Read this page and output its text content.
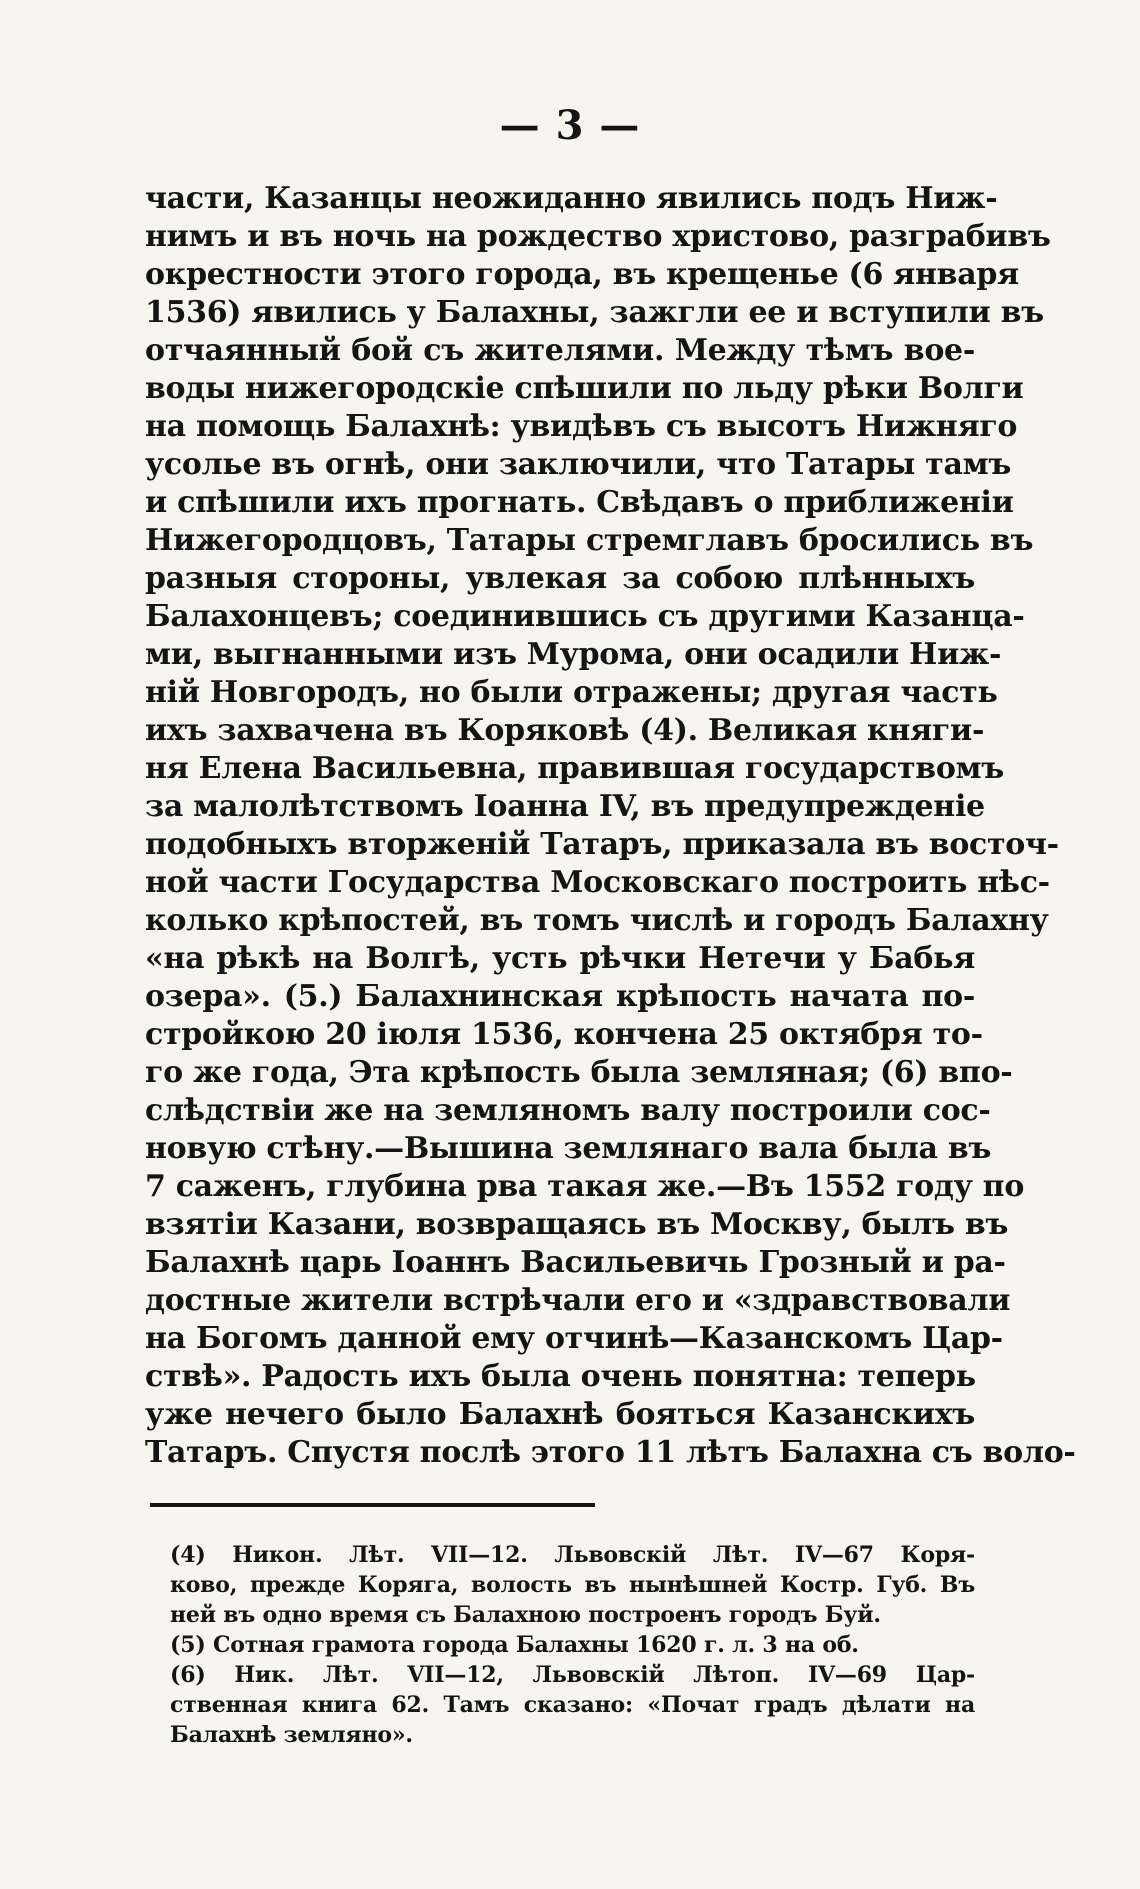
— 3 —
части, Казанцы неожиданно явились подъ Ниж-
нимъ и въ ночь на рождество христово, разграбивъ
окрестности этого города, въ крещенье (6 января
1536) явились у Балахны, зажгли ее и вступили въ
отчаянный бой съ жителями. Между тѣмъ вое-
воды нижегородскіе спѣшили по льду рѣки Волги
на помощь Балахнѣ: увидѣвъ съ высотъ Нижняго
усолье въ огнѣ, они заключили, что Татары тамъ
и спѣшили ихъ прогнать. Свѣдавъ о приближеніи
Нижегородцовъ, Татары стремглавъ бросились въ
разныя стороны, увлекая за собою плѣнныхъ
Балахонцевъ; соединившись съ другими Казанца-
ми, выгнанными изъ Мурома, они осадили Ниж-
ній Новгородъ, но были отражены; другая часть
ихъ захвачена въ Коряковѣ (4). Великая княги-
ня Елена Васильевна, правившая государствомъ
за малолѣтствомъ Іоанна IV, въ предупрежденіе
подобныхъ вторженій Татаръ, приказала въ восточ-
ной части Государства Московскаго построить нѣс-
колько крѣпостей, въ томъ числѣ и городъ Балахну
«на рѣкѣ на Волгѣ, усть рѣчки Нетечи у Бабья
озера». (5.) Балахнинская крѣпость начата по-
стройкою 20 іюля 1536, кончена 25 октября то-
го же года, Эта крѣпость была земляная; (6) впо-
слѣдствіи же на земляномъ валу построили сос-
новую стѣну.—Вышина землянаго вала была въ
7 саженъ, глубина рва такая же.—Въ 1552 году по
взятіи Казани, возвращаясь въ Москву, былъ въ
Балахнѣ царь Іоаннъ Васильевичь Грозный и ра-
достные жители встрѣчали его и «здравствовали
на Богомъ данной ему отчинѣ—Казанскомъ Цар-
ствѣ». Радость ихъ была очень понятна: теперь
уже нечего было Балахнѣ бояться Казанскихъ
Татаръ. Спустя послѣ этого 11 лѣтъ Балахна съ воло-
(4) Никон. Лѣт. VII—12. Львовскій Лѣт. IV—67 Коря-
ково, прежде Коряга, волость въ нынѣшней Костр. Губ. Въ
ней въ одно время съ Балахною построенъ городъ Буй.
(5) Сотная грамота города Балахны 1620 г. л. 3 на об.
(6) Ник. Лѣт. VII—12, Львовскій Лѣтоп. IV—69 Цар-
ственная книга 62. Тамъ сказано: «Почат градъ дѣлати на
Балахнѣ земляно».
